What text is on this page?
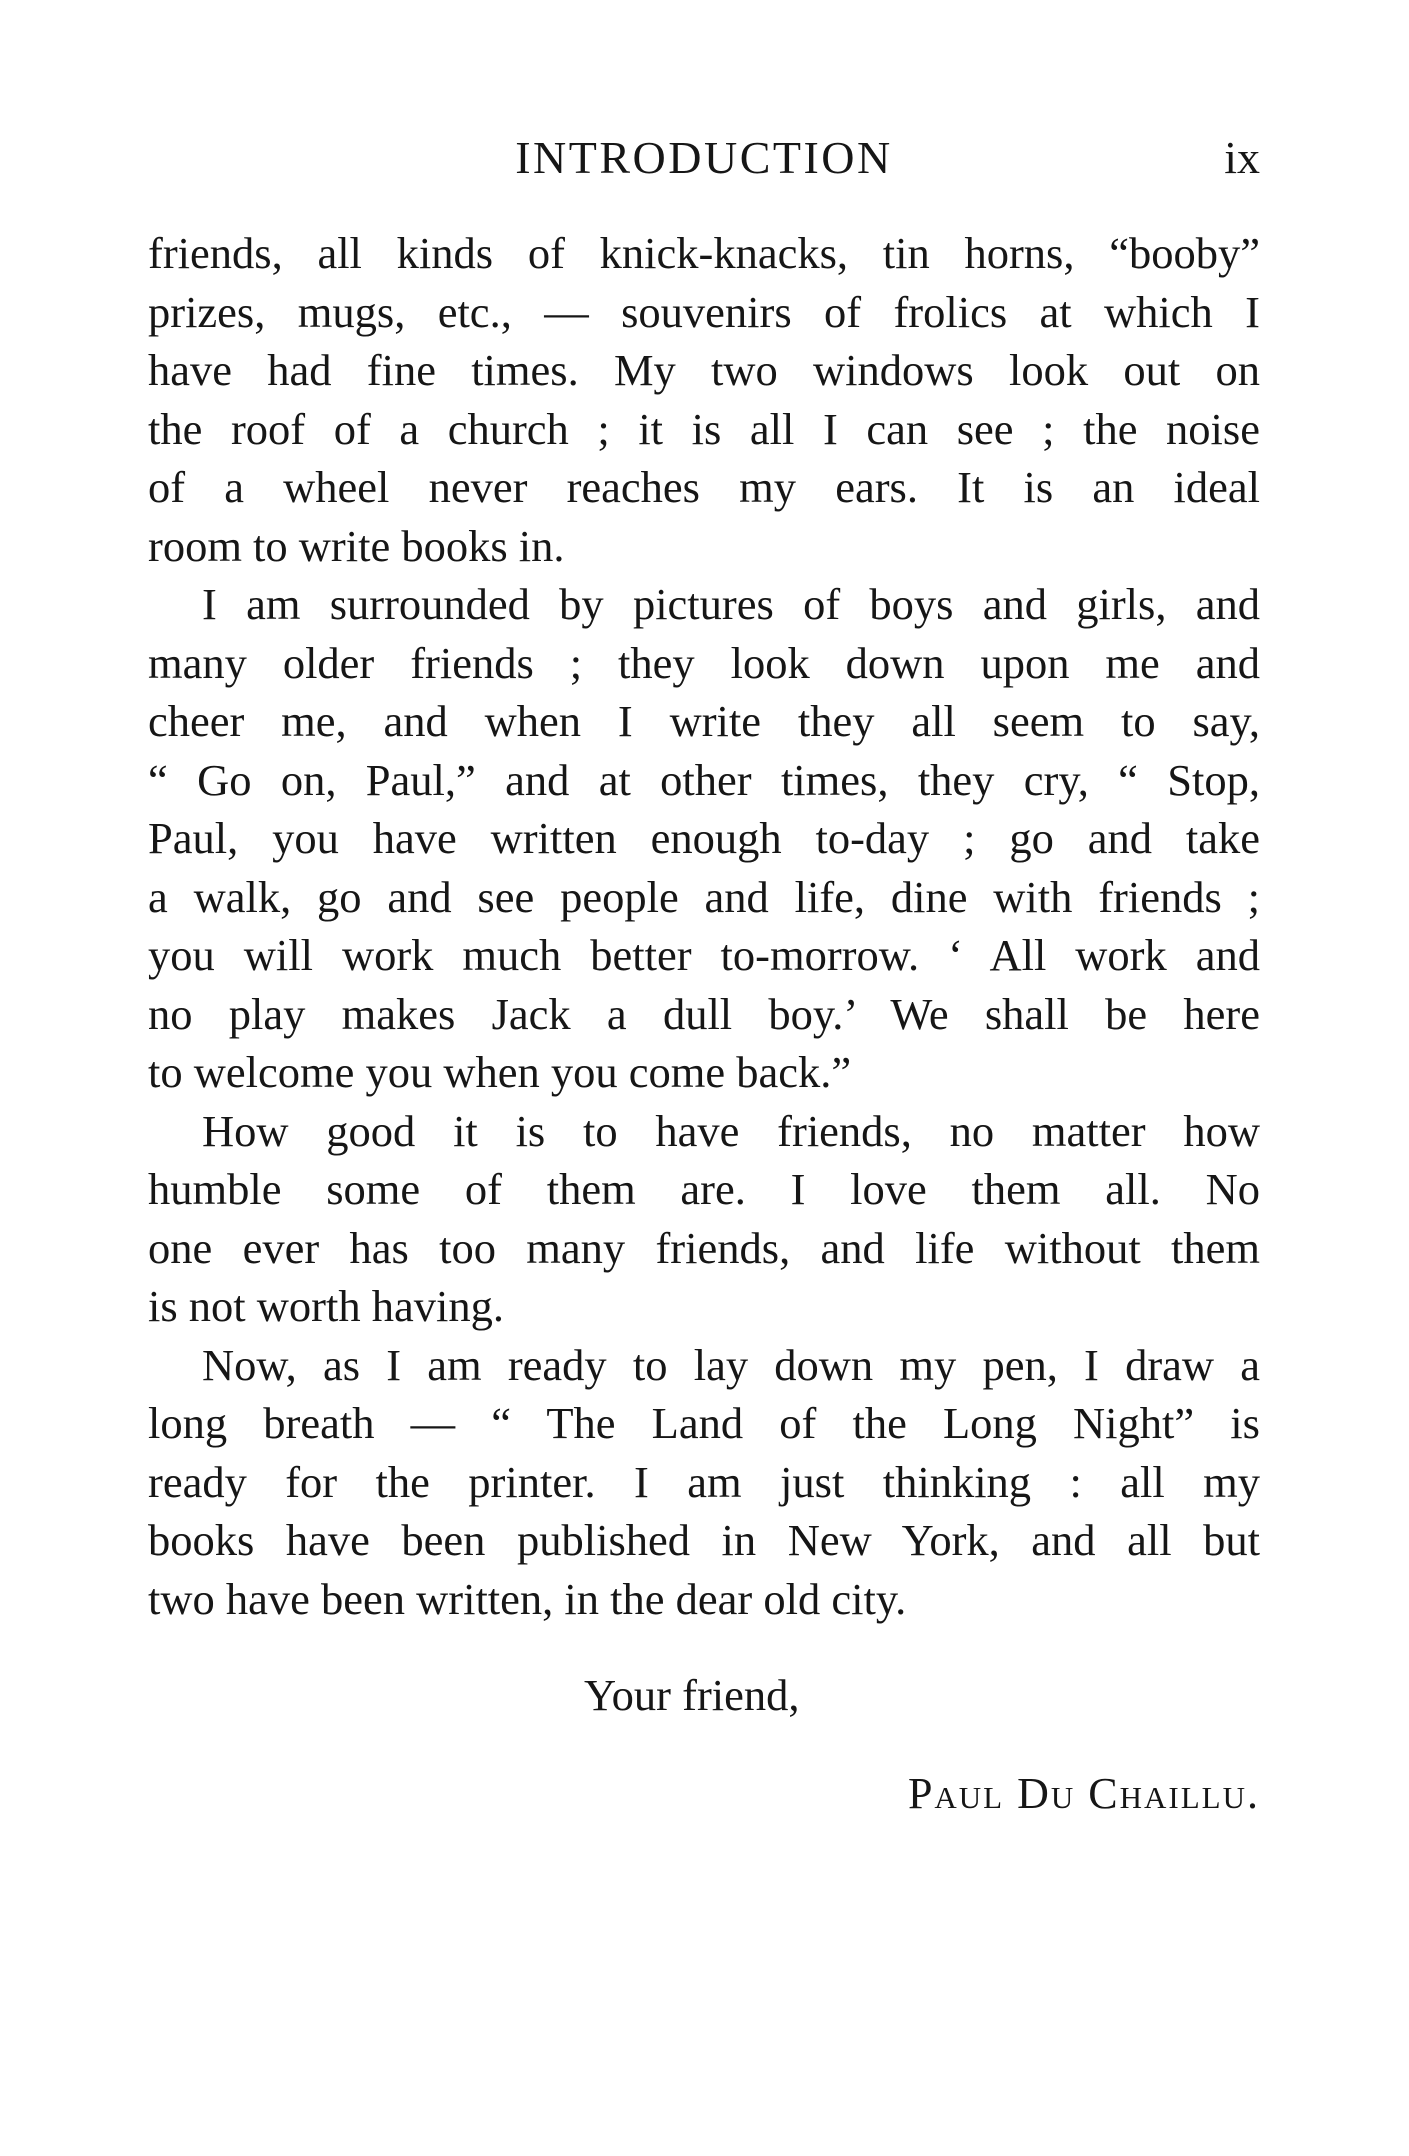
INTRODUCTION	ix
friends, all kinds of knick-knacks, tin horns, “booby”
prizes, mugs, etc., — souvenirs of frolics at which I
have had fine times. My two windows look out on
the roof of a church ; it is all I can see ; the noise
of a wheel never reaches my ears. It is an ideal
room to write books in.
I am surrounded by pictures of boys and girls, and
many older friends ; they look down upon me and
cheer me, and when I write they all seem to say,
“ Go on, Paul,” and at other times, they cry, “ Stop,
Paul, you have written enough to-day ; go and take
a walk, go and see people and life, dine with friends ;
you will work much better to-morrow. ‘ All work and
no play makes Jack a dull boy.’ We shall be here
to welcome you when you come back.”
How good it is to have friends, no matter how
humble some of them are. I love them all. No
one ever has too many friends, and life without them
is not worth having.
Now, as I am ready to lay down my pen, I draw a
long breath — “ The Land of the Long Night” is
ready for the printer. I am just thinking : all my
books have been published in New York, and all but
two have been written, in the dear old city.
Your friend,
Paul Du Chaillu.
